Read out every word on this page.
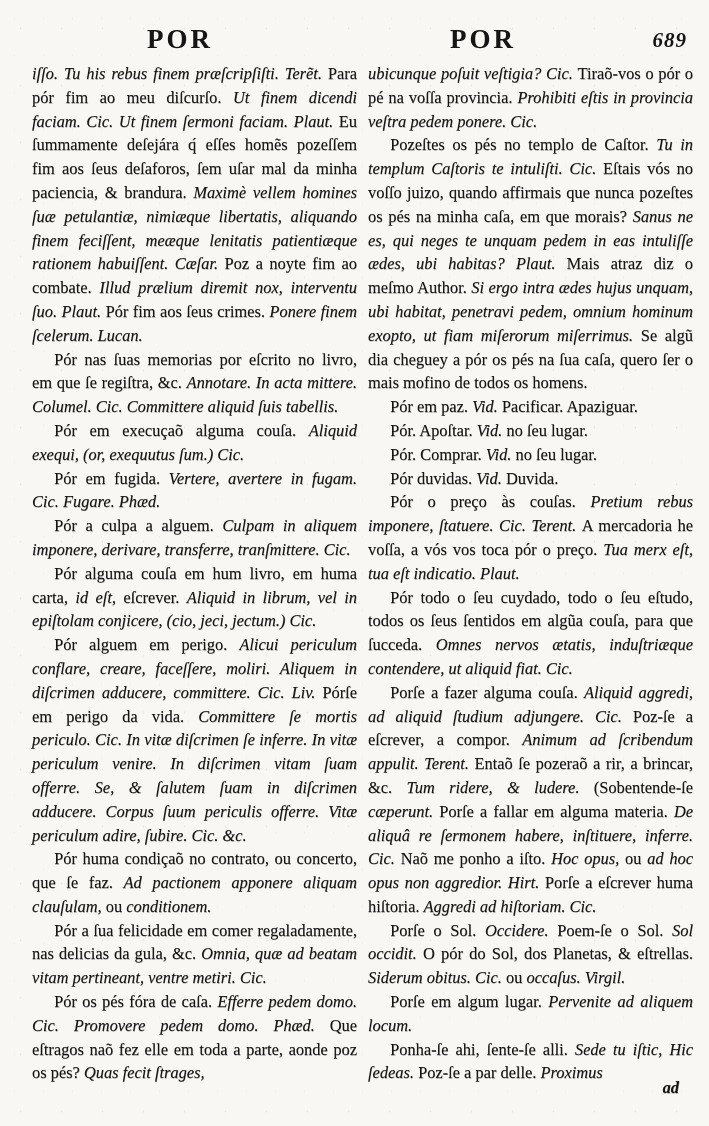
POR	POR	689

iſſo. Tu his rebus finem præſcripſiſti. Terẽt. Para pór fim ao meu diſcurſo. Ut finem dicendi faciam. Cic. Ut finem ſermoni faciam. Plaut. Eu ſummamente deſejára q́ eſſes homẽs pozeſſem fim aos ſeus deſaforos, ſem uſar mal da minha paciencia, & brandura. Maximè vellem homines ſuæ petulantiæ, nimiæque libertatis, aliquando finem feciſſent, meæque lenitatis patientiæque rationem habuiſſent. Cæſar. Poz a noyte fim ao combate. Illud prælium diremit nox, interventu ſuo. Plaut. Pór fim aos ſeus crimes. Ponere finem ſcelerum. Lucan.

Pór nas ſuas memorias por eſcrito no livro, em que ſe regiſtra, &c. Annotare. In acta mittere. Columel. Cic. Committere aliquid ſuis tabellis.

Pór em execuçaõ alguma couſa. Aliquid exequi, (or, exequutus ſum.) Cic.

Pór em fugida. Vertere, avertere in fugam. Cic. Fugare. Phæd.

Pór a culpa a alguem. Culpam in aliquem imponere, derivare, transferre, tranſmittere. Cic.

Pór alguma couſa em hum livro, em huma carta, id eſt, eſcrever. Aliquid in librum, vel in epiſtolam conjicere, (cio, jeci, jectum.) Cic.

Pór alguem em perigo. Alicui periculum conflare, creare, faceſſere, moliri. Aliquem in diſcrimen adducere, committere. Cic. Liv. Pórſe em perigo da vida. Committere ſe mortis periculo. Cic. In vitæ diſcrimen ſe inferre. In vitæ periculum venire. In diſcrimen vitam ſuam offerre. Se, & ſalutem ſuam in diſcrimen adducere. Corpus ſuum periculis offerre. Vitæ periculum adire, ſubire. Cic. &c.

Pór huma condiçaõ no contrato, ou concerto, que ſe faz. Ad pactionem apponere aliquam clauſulam, ou conditionem.

Pór a ſua felicidade em comer regaladamente, nas delicias da gula, &c. Omnia, quæ ad beatam vitam pertineant, ventre metiri. Cic.

Pór os pés fóra de caſa. Efferre pedem domo. Cic. Promovere pedem domo. Phæd. Que eſtragos naõ fez elle em toda a parte, aonde poz os pés? Quas fecit ſtrages,

ubicunque poſuit veſtigia? Cic. Tiraõ-vos o pór o pé na voſſa provincia. Prohibiti eſtis in provincia veſtra pedem ponere. Cic.

Pozeſtes os pés no templo de Caſtor. Tu in templum Caſtoris te intuliſti. Cic. Eſtais vós no voſſo juizo, quando affirmais que nunca pozeſtes os pés na minha caſa, em que morais? Sanus ne es, qui neges te unquam pedem in eas intuliſſe ædes, ubi habitas? Plaut. Mais atraz diz o meſmo Author. Si ergo intra ædes hujus unquam, ubi habitat, penetravi pedem, omnium hominum exopto, ut fiam miſerorum miſerrimus. Se algũ dia cheguey a pór os pés na ſua caſa, quero ſer o mais mofino de todos os homens.

Pór em paz. Vid. Pacificar. Apaziguar.

Pór. Apoſtar. Vid. no ſeu lugar.

Pór. Comprar. Vid. no ſeu lugar.

Pór duvidas. Vid. Duvida.

Pór o preço às couſas. Pretium rebus imponere, ſtatuere. Cic. Terent. A mercadoria he voſſa, a vós vos toca pór o preço. Tua merx eſt, tua eſt indicatio. Plaut.

Pór todo o ſeu cuydado, todo o ſeu eſtudo, todos os ſeus ſentidos em algũa couſa, para que ſucceda. Omnes nervos ætatis, induſtriæque contendere, ut aliquid fiat. Cic.

Porſe a fazer alguma couſa. Aliquid aggredi, ad aliquid ſtudium adjungere. Cic. Poz-ſe a eſcrever, a compor. Animum ad ſcribendum appulit. Terent. Entaõ ſe pozeraõ a rir, a brincar, &c. Tum ridere, & ludere. (Sobentende-ſe cæperunt. Porſe a fallar em alguma materia. De aliquâ re ſermonem habere, inſtituere, inferre. Cic. Naõ me ponho a iſto. Hoc opus, ou ad hoc opus non aggredior. Hirt. Porſe a eſcrever huma hiſtoria. Aggredi ad hiſtoriam. Cic.

Porſe o Sol. Occidere. Poem-ſe o Sol. Sol occidit. O pór do Sol, dos Planetas, & eſtrellas. Siderum obitus. Cic. ou occaſus. Virgil.

Porſe em algum lugar. Pervenite ad aliquem locum.

Ponha-ſe ahi, ſente-ſe alli. Sede tu iſtic, Hic ſedeas. Poz-ſe a par delle. Proximus

ad
